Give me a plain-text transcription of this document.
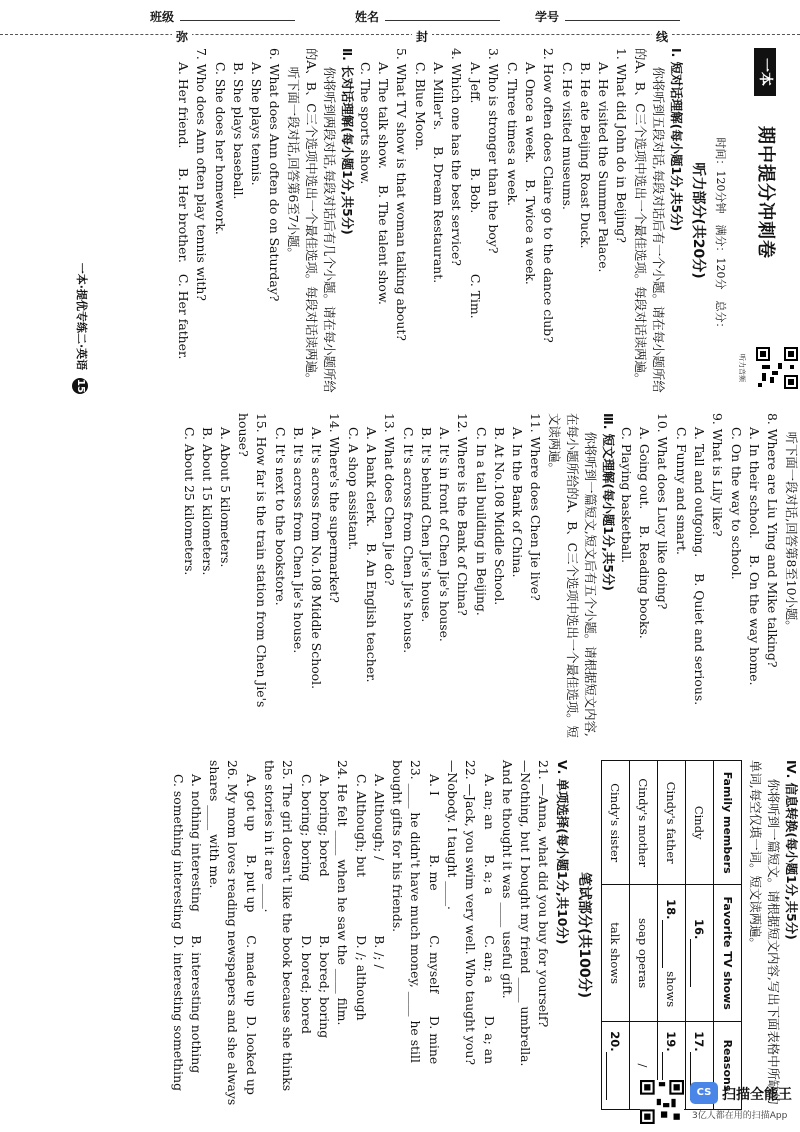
班级	姓名	学号
弥	封	线
一本
期中提分冲刺卷
听力音频
时间：120分钟　满分：120分　总分：
听力部分(共20分)
Ⅰ. 短对话理解(每小题1分,共5分)
你将听到五段对话,每段对话后有一个小题。请在每小题所给的A、B、C三个选项中选出一个最佳选项。每段对话读两遍。
1. What did John do in Beijing?
A. He visited the Summer Palace.
B. He ate Beijing Roast Duck.
C. He visited museums.
2. How often does Claire go to the dance club?
A. Once a week.
B. Twice a week.
C. Three times a week.
3. Who is stronger than the boy?
A. Jeff.
B. Bob.
C. Tim.
4. Which one has the best service?
A. Miller's.
B. Dream Restaurant.
C. Blue Moon.
5. What TV show is that woman talking about?
A. The talk show.
B. The talent show.
C. The sports show.
Ⅱ. 长对话理解(每小题1分,共5分)
你将听到两段对话,每段对话后有几个小题。请在每小题所给的A、B、C三个选项中选出一个最佳选项。每段对话读两遍。
听下面一段对话,回答第6至7小题。
6. What does Ann often do on Saturday?
A. She plays tennis.
B. She plays baseball.
C. She does her homework.
7. Who does Ann often play tennis with?
A. Her friend.
B. Her brother.
C. Her father.
听下面一段对话,回答第8至10小题。
8. Where are Liu Ying and Mike talking?
A. In their school.
B. On the way home.
C. On the way to school.
9. What is Lily like?
A. Tall and outgoing.
B. Quiet and serious.
C. Funny and smart.
10. What does Lucy like doing?
A. Going out.
B. Reading books.
C. Playing basketball.
Ⅲ. 短文理解(每小题1分,共5分)
你将听到一篇短文,短文后有五个小题。请根据短文内容,在每小题所给的A、B、C三个选项中选出一个最佳选项。短文读两遍。
11. Where does Chen Jie live?
A. In the Bank of China.
B. At No.108 Middle School.
C. In a tall building in Beijing.
12. Where is the Bank of China?
A. It's in front of Chen Jie's house.
B. It's behind Chen Jie's house.
C. It's across from Chen Jie's house.
13. What does Chen Jie do?
A. A bank clerk.
B. An English teacher.
C. A shop assistant.
14. Where's the supermarket?
A. It's across from No.108 Middle School.
B. It's across from Chen Jie's house.
C. It's next to the bookstore.
15. How far is the train station from Chen Jie's house?
A. About 5 kilometers.
B. About 15 kilometers.
C. About 25 kilometers.
Ⅳ. 信息转换(每小题1分,共5分)
你将听到一篇短文。请根据短文内容,写出下面表格中所缺的单词,每空仅填一词。短文读两遍。
Family members	Favorite TV shows	Reasons
Cindy	16.	17.
Cindy's father	18. shows	19.
Cindy's mother	soap operas	/
Cindy's sister	talk shows	20.
笔试部分(共100分)
Ⅴ. 单项选择(每小题1分,共10分)
21. —Anna, what did you buy for yourself?
—Nothing, but I bought my friend ____ umbrella.
And he thought it was ____ useful gift.
A. an; an
B. a; a
C. an; a
D. a; an
22. —Jack, you swim very well. Who taught you?
—Nobody. I taught ____.
A. I
B. me
C. myself
D. mine
23. ____ he didn't have much money, ____ he still bought gifts for his friends.
A. Although; /
B. /; /
C. Although; but
D. /; although
24. He felt ____ when he saw the ____ film.
A. boring; bored
B. bored; boring
C. boring; boring
D. bored; bored
25. The girl doesn't like the book because she thinks the stories in it are ____.
A. got up
B. put up
C. made up
D. looked up
26. My mom loves reading newspapers and she always shares ____ with me.
A. nothing interesting
B. interesting nothing
C. something interesting
D. interesting something
一本·提优专练二·英语 15
CS 扫描全能王
3亿人都在用的扫描App
